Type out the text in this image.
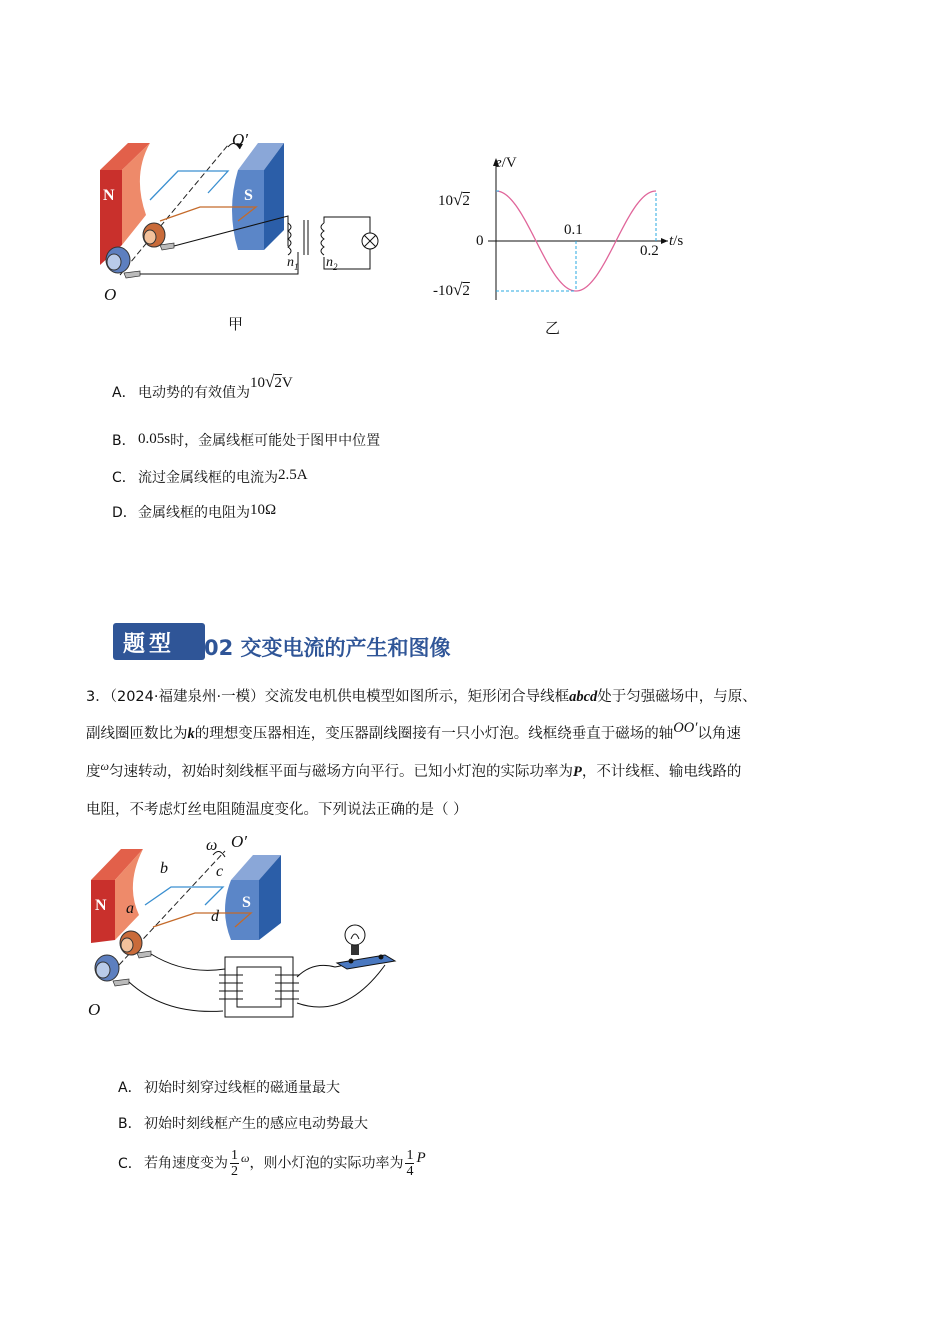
N	S
O′
O
$n_1$ $n_2$
甲
e/V
t/s
10√2
0
-10√2
0.1
0.2
乙
A． 电动势的有效值为10√2V
B． 0.05s时，金属线框可能处于图甲中位置
C． 流过金属线框的电流为2.5A
D．金属线框的电阻为10Ω
题型 02 交变电流的产生和图像
3．（2024·福建泉州·一模）交流发电机供电模型如图所示，矩形闭合导线框abcd处于匀强磁场中，与原、
副线圈匝数比为k的理想变压器相连，变压器副线圈接有一只小灯泡。线框绕垂直于磁场的轴OO′以角速
度$^\omega$匀速转动，初始时刻线框平面与磁场方向平行。已知小灯泡的实际功率为P，不计线框、输电线路的
电阻，不考虑灯丝电阻随温度变化。下列说法正确的是（ ）
ω O′
b	c
a	d
N	S
O
A． 初始时刻穿过线框的磁通量最大
B． 初始时刻线框产生的感应电动势最大
C． 若角速度变为 $\frac{1}{2}$ ω，则小灯泡的实际功率为 $\frac{1}{4}$ P
